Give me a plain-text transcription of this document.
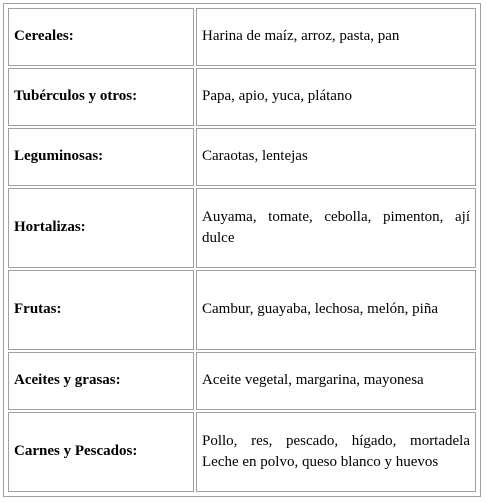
Cereales:	Harina de maíz, arroz, pasta, pan
Tubérculos y otros:	Papa, apio, yuca, plátano
Leguminosas:	Caraotas, lentejas
Hortalizas:	Auyama, tomate, cebolla, pimenton, ají dulce
Frutas:	Cambur, guayaba, lechosa, melón, piña
Aceites y grasas:	Aceite vegetal, margarina, mayonesa
Carnes y Pescados:	Pollo, res, pescado, hígado, mortadela Leche en polvo, queso blanco y huevos
